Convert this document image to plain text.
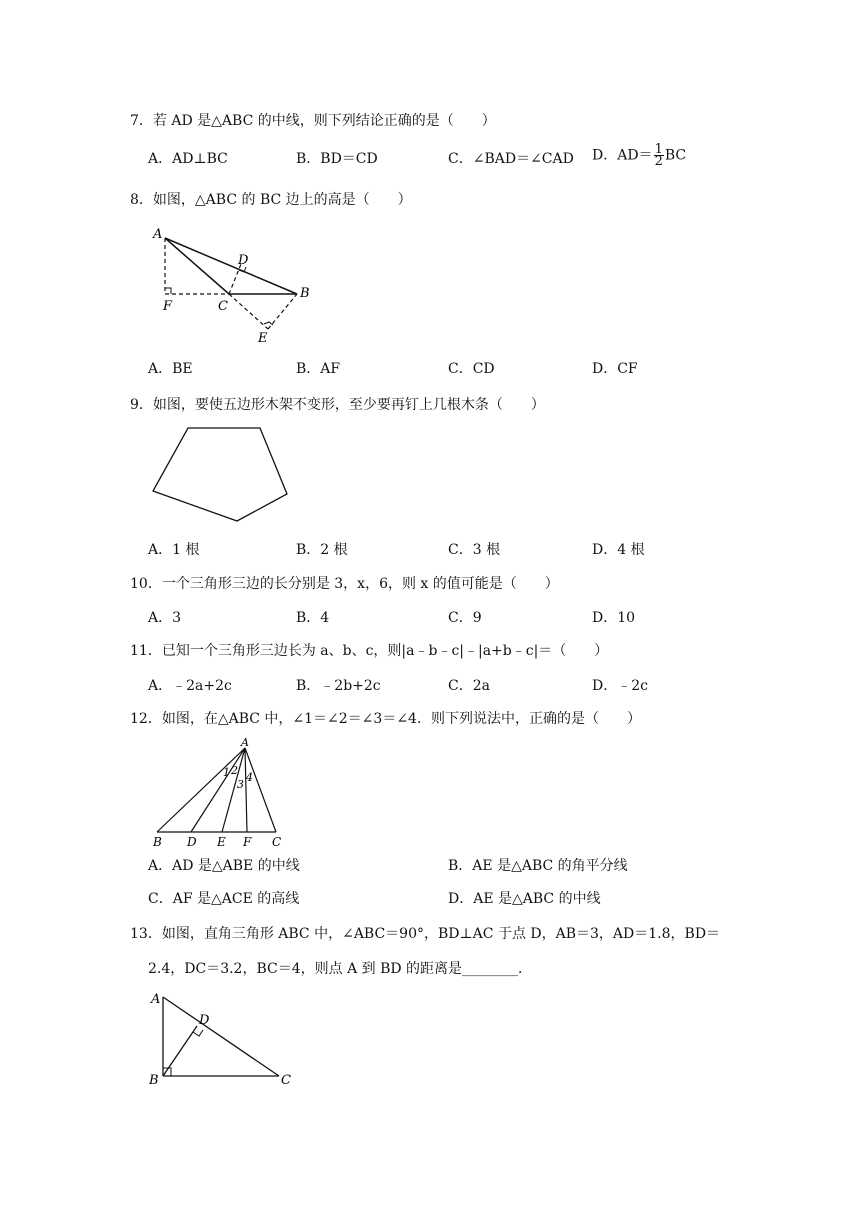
7．若 AD 是△ABC 的中线，则下列结论正确的是（　　）
A．AD⊥BC	B．BD＝CD	C．∠BAD＝∠CAD D．$AD= \frac{1}{2}$ BC
8．如图，△ABC 的 BC 边上的高是（　　）
A
B
C
D
E
F
A．BE	B．AF	C．CD	D．CF
9．如图，要使五边形木架不变形，至少要再钉上几根木条（　　）
A．1 根	B．2 根	C．3 根	D．4 根
10．一个三角形三边的长分别是 3，x，6，则 x 的值可能是（　　）
A．3	B．4	C．9	D．10
11．已知一个三角形三边长为 a、b、c，则|a﹣b﹣c|﹣|a+b﹣c|＝（　　）
A．﹣2a+2c	B．﹣2b+2c	C．2a	D．﹣2c
12．如图，在△ABC 中，∠1＝∠2＝∠3＝∠4．则下列说法中，正确的是（　　）
A
B D E F C
1 2
3
4
A．AD 是△ABE 的中线	B．AE 是△ABC 的角平分线
C．AF 是△ACE 的高线	D．AE 是△ABC 的中线
13．如图，直角三角形 ABC 中，∠ABC＝90°，BD⊥AC 于点 D，AB＝3，AD＝1.8，BD＝
2.4，DC＝3.2，BC＝4，则点 A 到 BD 的距离是________．
A
B	C
D
